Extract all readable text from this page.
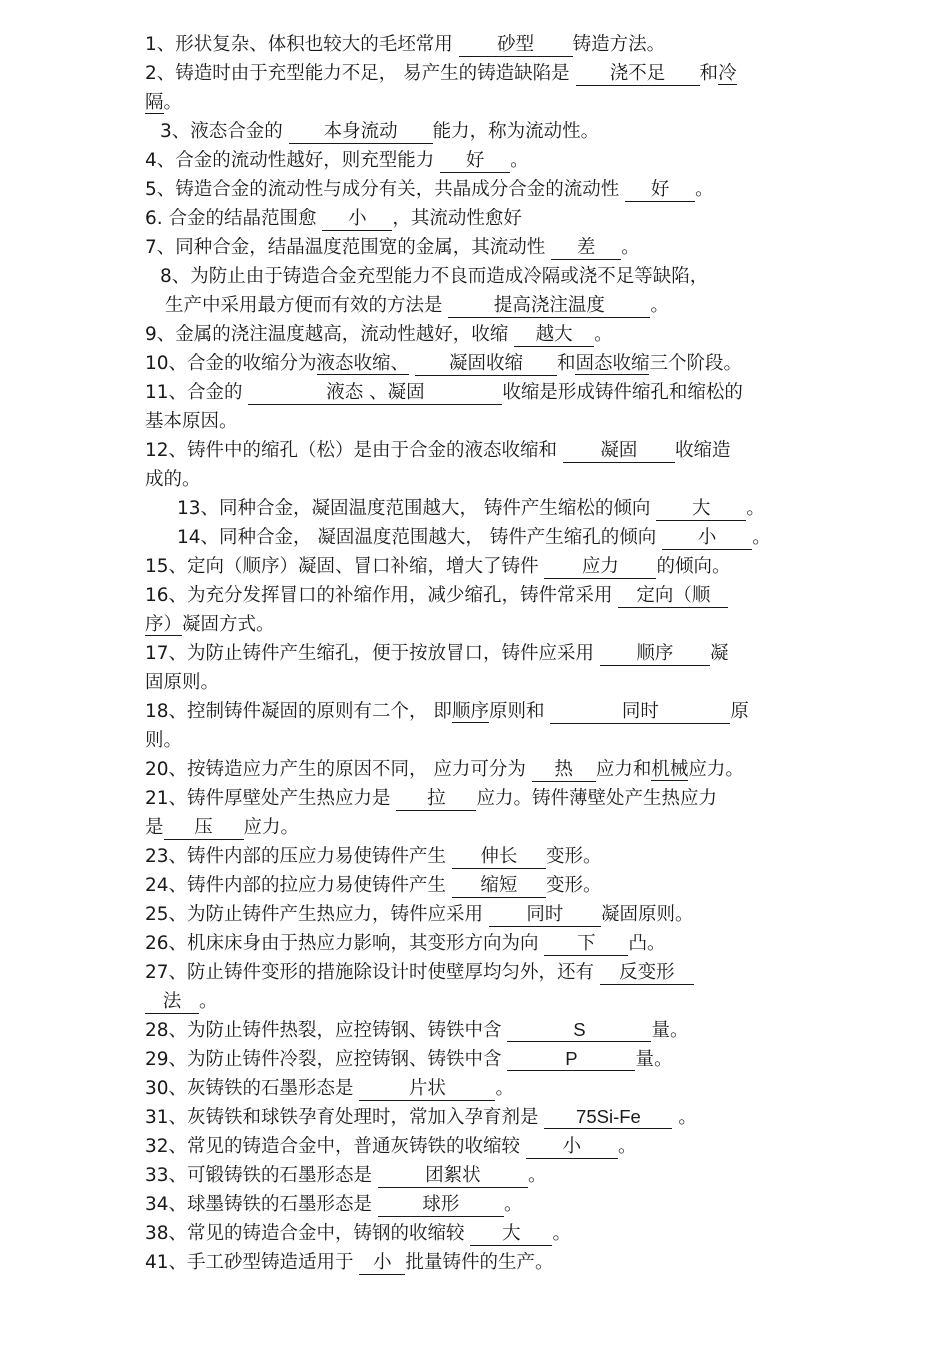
1、形状复杂、体积也较大的毛坯常用 砂型 铸造方法。
2、铸造时由于充型能力不足， 易产生的铸造缺陷是 浇不足 和冷
隔。
3、液态合金的 本身流动 能力，称为流动性。
4、合金的流动性越好，则充型能力 好 。
5、铸造合金的流动性与成分有关，共晶成分合金的流动性 好 。
6. 合金的结晶范围愈 小 ，其流动性愈好
7、同种合金，结晶温度范围宽的金属，其流动性 差 。
8、为防止由于铸造合金充型能力不良而造成冷隔或浇不足等缺陷，
生产中采用最方便而有效的方法是 提高浇注温度 。
9、金属的浇注温度越高，流动性越好，收缩 越大 。
10、合金的收缩分为液态收缩、 凝固收缩 和固态收缩三个阶段。
11、合金的	液态 、凝固	收缩是形成铸件缩孔和缩松的
基本原因。
12、铸件中的缩孔（松）是由于合金的液态收缩和 凝固 收缩造
成的。
13、同种合金，凝固温度范围越大， 铸件产生缩松的倾向 大 。
14、同种合金， 凝固温度范围越大， 铸件产生缩孔的倾向 小 。
15、定向（顺序）凝固、冒口补缩，增大了铸件 应力 的倾向。
16、为充分发挥冒口的补缩作用，减少缩孔，铸件常采用 定向（顺
序）凝固方式。
17、为防止铸件产生缩孔，便于按放冒口，铸件应采用 顺序 凝
固原则。
18、控制铸件凝固的原则有二个， 即顺序原则和	同时	原
则。
20、按铸造应力产生的原因不同， 应力可分为 热 应力和机械应力。
21、铸件厚壁处产生热应力是 拉 应力。铸件薄壁处产生热应力
是 压 应力。
23、铸件内部的压应力易使铸件产生 伸长 变形。
24、铸件内部的拉应力易使铸件产生 缩短 变形。
25、为防止铸件产生热应力，铸件应采用 同时 凝固原则。
26、机床床身由于热应力影响，其变形方向为向 下 凸。
27、防止铸件变形的措施除设计时使壁厚均匀外，还有 反变形
法 。
28、为防止铸件热裂，应控铸钢、铸铁中含	S	量。
29、为防止铸件冷裂，应控铸钢、铸铁中含	P	量。
30、灰铸铁的石墨形态是	片状	。
31、灰铸铁和球铁孕育处理时，常加入孕育剂是 75Si-Fe 。
32、常见的铸造合金中，普通灰铸铁的收缩较 小 。
33、可锻铸铁的石墨形态是	团絮状	。
34、球墨铸铁的石墨形态是 球形 。
38、常见的铸造合金中，铸钢的收缩较 大 。
41、手工砂型铸造适用于 小 批量铸件的生产。
